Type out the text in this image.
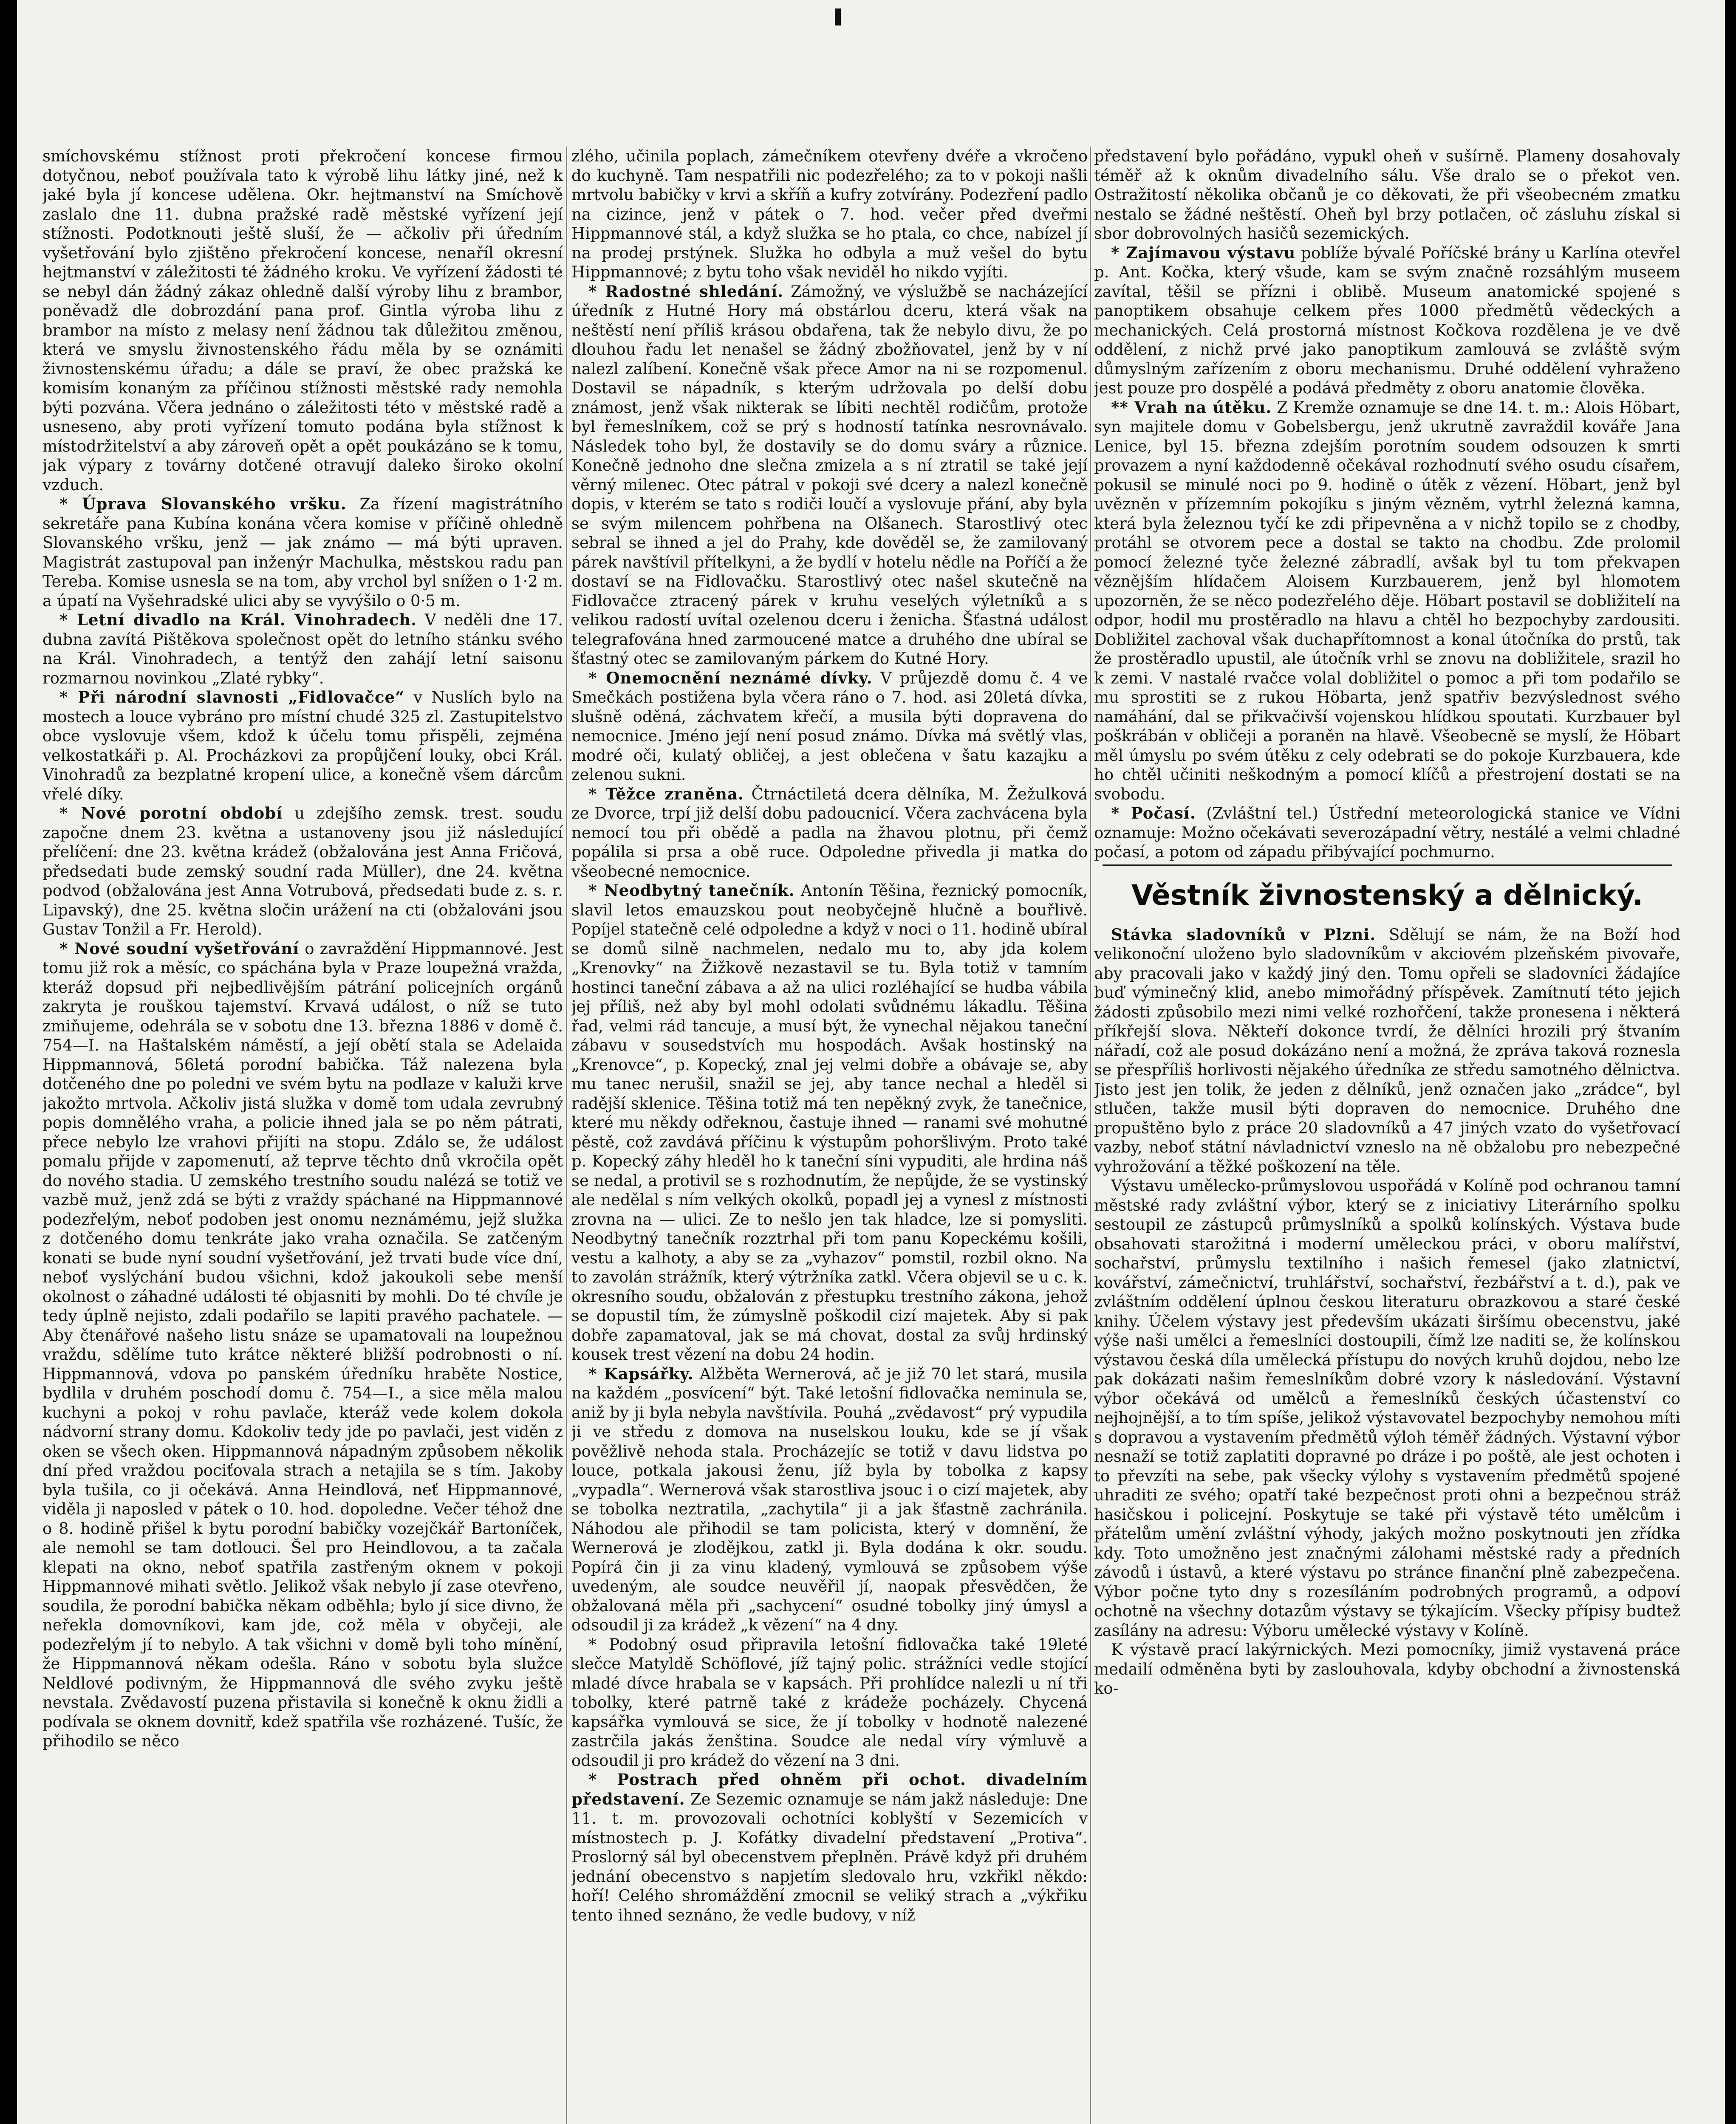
smíchovskému stížnost proti překročení koncese firmou dotyčnou, neboť používala tato k výrobě lihu látky jiné, než k jaké byla jí koncese udělena. Okr. hejtmanství na Smíchově zaslalo dne 11. dubna pražské radě městské vyřízení její stížnosti. Podotknouti ještě sluší, že — ačkoliv při úředním vyšetřování bylo zjištěno překročení koncese, nenaříl okresní hejtmanství v záležitosti té žádného kroku. Ve vyřízení žádosti té se nebyl dán žádný zákaz ohledně další výroby lihu z brambor, poněvadž dle dobrozdání pana prof. Gintla výroba lihu z brambor na místo z melasy není žádnou tak důležitou změnou, která ve smyslu živnostenského řádu měla by se oznámiti živnostenskému úřadu; a dále se praví, že obec pražská ke komisím konaným za příčinou stížnosti městské rady nemohla býti pozvána. Včera jednáno o záležitosti této v městské radě a usneseno, aby proti vyřízení tomuto podána byla stížnost k místodržitelství a aby zároveň opět a opět poukázáno se k tomu, jak výpary z továrny dotčené otravují daleko široko okolní vzduch.

* Úprava Slovanského vršku. Za řízení magistrátního sekretáře pana Kubína konána včera komise v příčině ohledně Slovanského vršku, jenž — jak známo — má býti upraven. Magistrát zastupoval pan inženýr Machulka, městskou radu pan Tereba. Komise usnesla se na tom, aby vrchol byl snížen o 1·2 m. a úpatí na Vyšehradské ulici aby se vyvýšilo o 0·5 m.

* Letní divadlo na Král. Vinohradech. V neděli dne 17. dubna zavítá Pištěkova společnost opět do letního stánku svého na Král. Vinohradech, a tentýž den zahájí letní saisonu rozmarnou novinkou „Zlaté rybky“.

* Při národní slavnosti „Fidlovačce“ v Nuslích bylo na mostech a louce vybráno pro místní chudé 325 zl. Zastupitelstvo obce vyslovuje všem, kdož k účelu tomu přispěli, zejména velkostatkáři p. Al. Procházkovi za propůjčení louky, obci Král. Vinohradů za bezplatné kropení ulice, a konečně všem dárcům vřelé díky.

* Nové porotní období u zdejšího zemsk. trest. soudu započne dnem 23. května a ustanoveny jsou již následující přelíčení: dne 23. května krádež (obžalována jest Anna Fričová, předsedati bude zemský soudní rada Müller), dne 24. května podvod (obžalována jest Anna Votrubová, předsedati bude z. s. r. Lipavský), dne 25. května sločin urážení na cti (obžalováni jsou Gustav Tonžil a Fr. Herold).

* Nové soudní vyšetřování o zavraždění Hippmannové. Jest tomu již rok a měsíc, co spáchána byla v Praze loupežná vražda, kteráž dopsud při nejbedlivějším pátrání policejních orgánů zakryta je rouškou tajemství. Krvavá událost, o níž se tuto zmiňujeme, odehrála se v sobotu dne 13. března 1886 v domě č. 754—I. na Haštalském náměstí, a její obětí stala se Adelaida Hippmannová, 56letá porodní babička. Táž nalezena byla dotčeného dne po poledni ve svém bytu na podlaze v kaluži krve jakožto mrtvola. Ačkoliv jistá služka v domě tom udala zevrubný popis domnělého vraha, a policie ihned jala se po něm pátrati, přece nebylo lze vrahovi přijíti na stopu. Zdálo se, že událost pomalu přijde v zapomenutí, až teprve těchto dnů vkročila opět do nového stadia. U zemského trestního soudu nalézá se totiž ve vazbě muž, jenž zdá se býti z vraždy spáchané na Hippmannové podezřelým, neboť podoben jest onomu neznámému, jejž služka z dotčeného domu tenkráte jako vraha označila. Se zatčeným konati se bude nyní soudní vyšetřování, jež trvati bude více dní, neboť vyslýchání budou všichni, kdož jakoukoli sebe menší okolnost o záhadné události té objasniti by mohli. Do té chvíle je tedy úplně nejisto, zdali podařilo se lapiti pravého pachatele. — Aby čtenářové našeho listu snáze se upamatovali na loupežnou vraždu, sdělíme tuto krátce některé bližší podrobnosti o ní. Hippmannová, vdova po panském úředníku hraběte Nostice, bydlila v druhém poschodí domu č. 754—I., a sice měla malou kuchyni a pokoj v rohu pavlače, kteráž vede kolem dokola nádvorní strany domu. Kdokoliv tedy jde po pavlači, jest viděn z oken se všech oken. Hippmannová nápadným způsobem několik dní před vraždou pociťovala strach a netajila se s tím. Jakoby byla tušila, co ji očekává. Anna Heindlová, neť Hippmannové, viděla ji naposled v pátek o 10. hod. dopoledne. Večer téhož dne o 8. hodině přišel k bytu porodní babičky vozejčkář Bartoníček, ale nemohl se tam dotlouci. Šel pro Heindlovou, a ta začala klepati na okno, neboť spatřila zastřeným oknem v pokoji Hippmannové mihati světlo. Jelikož však nebylo jí zase otevřeno, soudila, že porodní babička někam odběhla; bylo jí sice divno, že neřekla domovníkovi, kam jde, což měla v obyčeji, ale podezřelým jí to nebylo. A tak všichni v domě byli toho mínění, že Hippmannová někam odešla. Ráno v sobotu byla služce Neldlové podivným, že Hippmannová dle svého zvyku ještě nevstala. Zvědavostí puzena přistavila si konečně k oknu židli a podívala se oknem dovnitř, kdež spatřila vše rozházené. Tušíc, že přihodilo se něco

zlého, učinila poplach, zámečníkem otevřeny dvéře a vkročeno do kuchyně. Tam nespatřili nic podezřelého; za to v pokoji našli mrtvolu babičky v krvi a skříň a kufry zotvírány. Podezření padlo na cizince, jenž v pátek o 7. hod. večer před dveřmi Hippmannové stál, a když služka se ho ptala, co chce, nabízel jí na prodej prstýnek. Služka ho odbyla a muž vešel do bytu Hippmannové; z bytu toho však neviděl ho nikdo vyjíti.

* Radostné shledání. Zámožný, ve výslužbě se nacházející úředník z Hutné Hory má obstárlou dceru, která však na neštěstí není příliš krásou obdařena, tak že nebylo divu, že po dlouhou řadu let nenašel se žádný zbožňovatel, jenž by v ní nalezl zalíbení. Konečně však přece Amor na ni se rozpomenul. Dostavil se nápadník, s kterým udržovala po delší dobu známost, jenž však nikterak se líbiti nechtěl rodičům, protože byl řemeslníkem, což se prý s hodností tatínka nesrovnávalo. Následek toho byl, že dostavily se do domu sváry a různice. Konečně jednoho dne slečna zmizela a s ní ztratil se také její věrný milenec. Otec pátral v pokoji své dcery a nalezl konečně dopis, v kterém se tato s rodiči loučí a vyslovuje přání, aby byla se svým milencem pohřbena na Olšanech. Starostlivý otec sebral se ihned a jel do Prahy, kde dověděl se, že zamilovaný párek navštívil přítelkyni, a že bydlí v hotelu nědle na Poříčí a že dostaví se na Fidlovačku. Starostlivý otec našel skutečně na Fidlovačce ztracený párek v kruhu veselých výletníků a s velikou radostí uvítal ozelenou dceru i ženicha. Šťastná událost telegrafována hned zarmoucené matce a druhého dne ubíral se šťastný otec se zamilovaným párkem do Kutné Hory.

* Onemocnění neznámé dívky. V průjezdě domu č. 4 ve Smečkách postižena byla včera ráno o 7. hod. asi 20letá dívka, slušně oděná, záchvatem křečí, a musila býti dopravena do nemocnice. Jméno její není posud známo. Dívka má světlý vlas, modré oči, kulatý obličej, a jest oblečena v šatu kazajku a zelenou sukni.

* Těžce zraněna. Čtrnáctiletá dcera dělníka, M. Žežulková ze Dvorce, trpí již delší dobu padoucnicí. Včera zachvácena byla nemocí tou při obědě a padla na žhavou plotnu, při čemž popálila si prsa a obě ruce. Odpoledne přivedla ji matka do všeobecné nemocnice.

* Neodbytný tanečník. Antonín Těšina, řeznický pomocník, slavil letos emauzskou pout neobyčejně hlučně a bouřlivě. Popíjel statečně celé odpoledne a když v noci o 11. hodině ubíral se domů silně nachmelen, nedalo mu to, aby jda kolem „Krenovky“ na Žižkově nezastavil se tu. Byla totiž v tamním hostinci taneční zábava a až na ulici rozléhající se hudba vábila jej příliš, než aby byl mohl odolati svůdnému lákadlu. Těšina řad, velmi rád tancuje, a musí být, že vynechal nějakou taneční zábavu v sousedstvích mu hospodách. Avšak hostinský na „Krenovce“, p. Kopecký, znal jej velmi dobře a obávaje se, aby mu tanec nerušil, snažil se jej, aby tance nechal a hleděl si radější sklenice. Těšina totiž má ten nepěkný zvyk, že tanečnice, které mu někdy odřeknou, častuje ihned — ranami své mohutné pěstě, což zavdává příčinu k výstupům pohoršlivým. Proto také p. Kopecký záhy hleděl ho k taneční síni vypuditi, ale hrdina náš se nedal, a protivil se s rozhodnutím, že nepůjde, že se vystinský ale nedělal s ním velkých okolků, popadl jej a vynesl z místnosti zrovna na — ulici. Ze to nešlo jen tak hladce, lze si pomysliti. Neodbytný tanečník rozztrhal při tom panu Kopeckému košili, vestu a kalhoty, a aby se za „vyhazov“ pomstil, rozbil okno. Na to zavolán strážník, který výtržníka zatkl. Včera objevil se u c. k. okresního soudu, obžalován z přestupku trestního zákona, jehož se dopustil tím, že zúmyslně poškodil cizí majetek. Aby si pak dobře zapamatoval, jak se má chovat, dostal za svůj hrdinský kousek trest vězení na dobu 24 hodin.

* Kapsářky. Alžběta Wernerová, ač je již 70 let stará, musila na každém „posvícení“ být. Také letošní fidlovačka neminula se, aniž by ji byla nebyla navštívila. Pouhá „zvědavost“ prý vypudila ji ve středu z domova na nuselskou louku, kde se jí však pověžlivě nehoda stala. Procházejíc se totiž v davu lidstva po louce, potkala jakousi ženu, jíž byla by tobolka z kapsy „vypadla“. Wernerová však starostliva jsouc i o cizí majetek, aby se tobolka neztratila, „zachytila“ ji a jak šťastně zachránila. Náhodou ale přihodil se tam policista, který v domnění, že Wernerová je zlodějkou, zatkl ji. Byla dodána k okr. soudu. Popírá čin ji za vinu kladený, vymlouvá se způsobem výše uvedeným, ale soudce neuvěřil jí, naopak přesvědčen, že obžalovaná měla při „sachycení“ osudné tobolky jiný úmysl a odsoudil ji za krádež „k vězení“ na 4 dny.

* Podobný osud připravila letošní fidlovačka také 19leté slečce Matyldě Schöflové, jíž tajný polic. strážníci vedle stojící mladé dívce hrabala se v kapsách. Při prohlídce nalezli u ní tři tobolky, které patrně také z krádeže pocházely. Chycená kapsářka vymlouvá se sice, že jí tobolky v hodnotě nalezené zastrčila jakás ženština. Soudce ale nedal víry výmluvě a odsoudil ji pro krádež do vězení na 3 dni.

* Postrach před ohněm při ochot. divadelním představení. Ze Sezemic oznamuje se nám jakž následuje: Dne 11. t. m. provozovali ochotníci koblyští v Sezemicích v místnostech p. J. Kofátky divadelní představení „Protiva“. Proslorný sál byl obecenstvem přeplněn. Právě když při druhém jednání obecenstvo s napjetím sledovalo hru, vzkřikl někdo: hoří! Celého shromáždění zmocnil se veliký strach a „výkřiku tento ihned seznáno, že vedle budovy, v níž

představení bylo pořádáno, vypukl oheň v sušírně. Plameny dosahovaly téměř až k oknům divadelního sálu. Vše dralo se o překot ven. Ostražitostí několika občanů je co děkovati, že při všeobecném zmatku nestalo se žádné neštěstí. Oheň byl brzy potlačen, oč zásluhu získal si sbor dobrovolných hasičů sezemických.

* Zajímavou výstavu poblíže bývalé Poříčské brány u Karlína otevřel p. Ant. Kočka, který všude, kam se svým značně rozsáhlým museem zavítal, těšil se přízni i oblibě. Museum anatomické spojené s panoptikem obsahuje celkem přes 1000 předmětů vědeckých a mechanických. Celá prostorná místnost Kočkova rozdělena je ve dvě oddělení, z nichž prvé jako panoptikum zamlouvá se zvláště svým důmyslným zařízením z oboru mechanismu. Druhé oddělení vyhraženo jest pouze pro dospělé a podává předměty z oboru anatomie člověka.

** Vrah na útěku. Z Kremže oznamuje se dne 14. t. m.: Alois Höbart, syn majitele domu v Gobelsbergu, jenž ukrutně zavraždil kováře Jana Lenice, byl 15. března zdejším porotním soudem odsouzen k smrti provazem a nyní každodenně očekával rozhodnutí svého osudu císařem, pokusil se minulé noci po 9. hodině o útěk z vězení. Höbart, jenž byl uvězněn v přízemním pokojíku s jiným vězněm, vytrhl železná kamna, která byla železnou tyčí ke zdi připevněna a v nichž topilo se z chodby, protáhl se otvorem pece a dostal se takto na chodbu. Zde prolomil pomocí železné tyče železné zábradlí, avšak byl tu tom překvapen věznějším hlídačem Aloisem Kurzbauerem, jenž byl hlomotem upozorněn, že se něco podezřelého děje. Höbart postavil se dobližitelí na odpor, hodil mu prostěradlo na hlavu a chtěl ho bezpochyby zardousiti. Dobližitel zachoval však duchapřítomnost a konal útočníka do prstů, tak že prostěradlo upustil, ale útočník vrhl se znovu na dobližitele, srazil ho k zemi. V nastalé rvačce volal dobližitel o pomoc a při tom podařilo se mu sprostiti se z rukou Höbarta, jenž spatřiv bezvýslednost svého namáhání, dal se přikvačivší vojenskou hlídkou spoutati. Kurzbauer byl poškrábán v obličeji a poraněn na hlavě. Všeobecně se myslí, že Höbart měl úmyslu po svém útěku z cely odebrati se do pokoje Kurzbauera, kde ho chtěl učiniti neškodným a pomocí klíčů a přestrojení dostati se na svobodu.

* Počasí. (Zvláštní tel.) Ústřední meteorologická stanice ve Vídni oznamuje: Možno očekávati severozápadní větry, nestálé a velmi chladné počasí, a potom od západu přibývající pochmurno.

Věstník živnostenský a dělnický.

Stávka sladovníků v Plzni. Sdělují se nám, že na Boží hod velikonoční uloženo bylo sladovníkům v akciovém plzeňském pivovaře, aby pracovali jako v každý jiný den. Tomu opřeli se sladovníci žádajíce buď výminečný klid, anebo mimořádný příspěvek. Zamítnutí této jejich žádosti způsobilo mezi nimi velké rozhořčení, takže pronesena i některá příkřejší slova. Někteří dokonce tvrdí, že dělníci hrozili prý štvaním nářadí, což ale posud dokázáno není a možná, že zpráva taková roznesla se přespříliš horlivosti nějakého úředníka ze středu samotného dělnictva. Jisto jest jen tolik, že jeden z dělníků, jenž označen jako „zrádce“, byl stlučen, takže musil býti dopraven do nemocnice. Druhého dne propuštěno bylo z práce 20 sladovníků a 47 jiných vzato do vyšetřovací vazby, neboť státní návladnictví vzneslo na ně obžalobu pro nebezpečné vyhrožování a těžké poškození na těle.

Výstavu umělecko-průmyslovou uspořádá v Kolíně pod ochranou tamní městské rady zvláštní výbor, který se z iniciativy Literárního spolku sestoupil ze zástupců průmyslníků a spolků kolínských. Výstava bude obsahovati starožitná i moderní uměleckou práci, v oboru malířství, sochařství, průmyslu textilního i našich řemesel (jako zlatnictví, kovářství, zámečnictví, truhlářství, sochařství, řezbářství a t. d.), pak ve zvláštním oddělení úplnou českou literaturu obrazkovou a staré české knihy. Účelem výstavy jest především ukázati širšímu obecenstvu, jaké výše naši umělci a řemeslníci dostoupili, čímž lze naditi se, že kolínskou výstavou česká díla umělecká přístupu do nových kruhů dojdou, nebo lze pak dokázati našim řemeslníkům dobré vzory k následování. Výstavní výbor očekává od umělců a řemeslníků českých účastenství co nejhojnější, a to tím spíše, jelikož výstavovatel bezpochyby nemohou míti s dopravou a vystavením předmětů výloh téměř žádných. Výstavní výbor nesnaží se totiž zaplatiti dopravné po dráze i po poště, ale jest ochoten i to převzíti na sebe, pak všecky výlohy s vystavením předmětů spojené uhraditi ze svého; opatří také bezpečnost proti ohni a bezpečnou stráž hasičskou i policejní. Poskytuje se také při výstavě této umělcům i přátelům umění zvláštní výhody, jakých možno poskytnouti jen zřídka kdy. Toto umožněno jest značnými zálohami městské rady a předních závodů i ústavů, a které výstavu po stránce finanční plně zabezpečena. Výbor počne tyto dny s rozesíláním podrobných programů, a odpoví ochotně na všechny dotazům výstavy se týkajícím. Všecky přípisy budtež zasílány na adresu: Výboru umělecké výstavy v Kolíně.

K výstavě prací lakýrnických. Mezi pomocníky, jimiž vystavená práce medailí odměněna byti by zaslouhovala, kdyby obchodní a živnostenská ko-
